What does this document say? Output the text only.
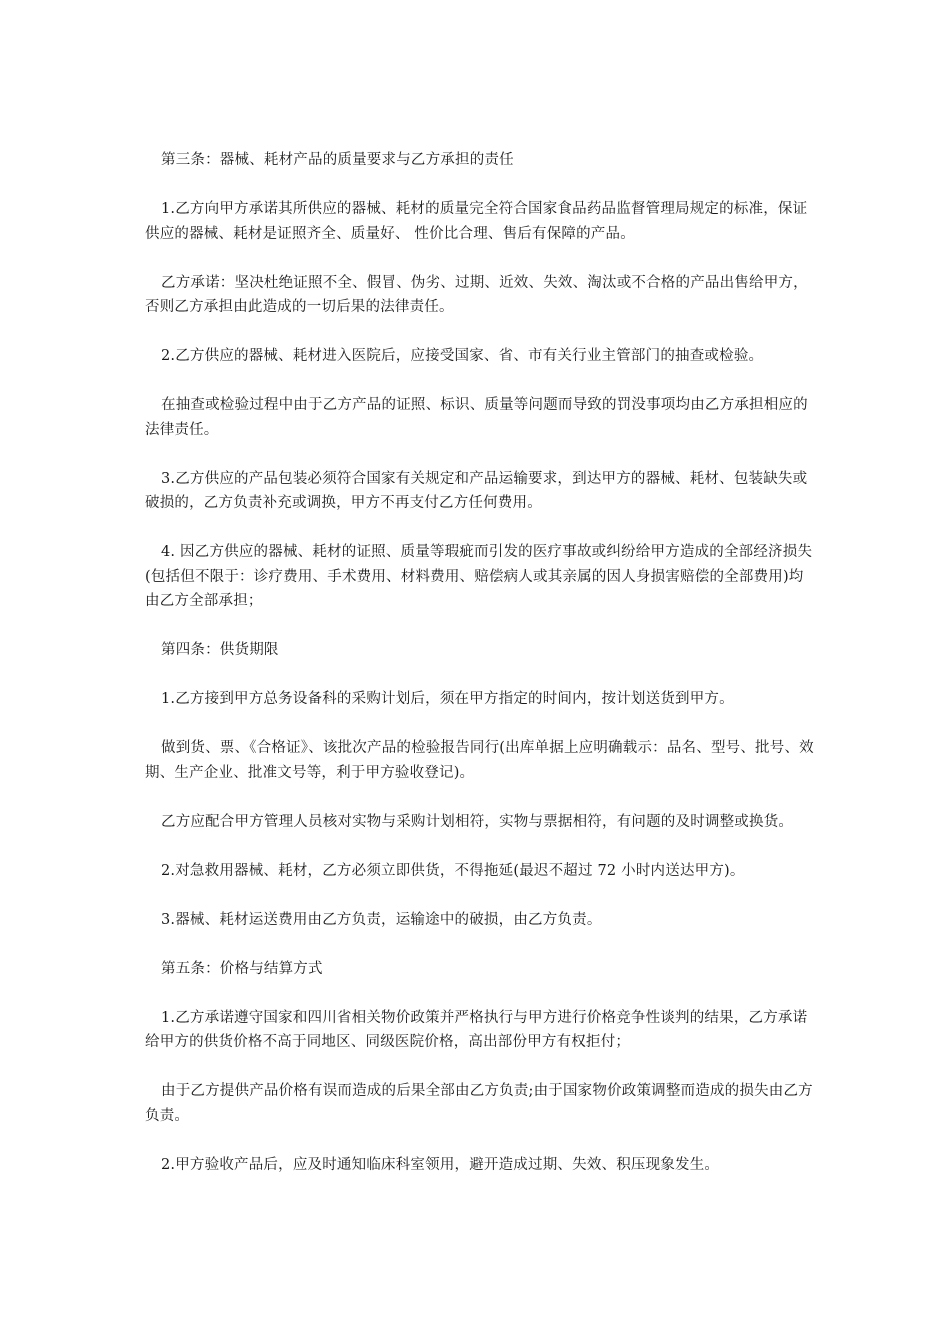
第三条：器械、耗材产品的质量要求与乙方承担的责任

1.乙方向甲方承诺其所供应的器械、耗材的质量完全符合国家食品药品监督管理局规定的标准，保证供应的器械、耗材是证照齐全、质量好、 性价比合理、售后有保障的产品。

乙方承诺：坚决杜绝证照不全、假冒、伪劣、过期、近效、失效、淘汰或不合格的产品出售给甲方，否则乙方承担由此造成的一切后果的法律责任。

2.乙方供应的器械、耗材进入医院后，应接受国家、省、市有关行业主管部门的抽查或检验。

在抽查或检验过程中由于乙方产品的证照、标识、质量等问题而导致的罚没事项均由乙方承担相应的法律责任。

3.乙方供应的产品包装必须符合国家有关规定和产品运输要求，到达甲方的器械、耗材、包装缺失或破损的，乙方负责补充或调换，甲方不再支付乙方任何费用。

4. 因乙方供应的器械、耗材的证照、质量等瑕疵而引发的医疗事故或纠纷给甲方造成的全部经济损失(包括但不限于：诊疗费用、手术费用、材料费用、赔偿病人或其亲属的因人身损害赔偿的全部费用)均由乙方全部承担；

第四条：供货期限

1.乙方接到甲方总务设备科的采购计划后，须在甲方指定的时间内，按计划送货到甲方。

做到货、票、《合格证》、该批次产品的检验报告同行(出库单据上应明确载示：品名、型号、批号、效期、生产企业、批准文号等，利于甲方验收登记)。

乙方应配合甲方管理人员核对实物与采购计划相符，实物与票据相符，有问题的及时调整或换货。

2.对急救用器械、耗材，乙方必须立即供货，不得拖延(最迟不超过 72 小时内送达甲方)。

3.器械、耗材运送费用由乙方负责，运输途中的破损，由乙方负责。

第五条：价格与结算方式

1.乙方承诺遵守国家和四川省相关物价政策并严格执行与甲方进行价格竞争性谈判的结果，乙方承诺给甲方的供货价格不高于同地区、同级医院价格，高出部份甲方有权拒付；

由于乙方提供产品价格有误而造成的后果全部由乙方负责;由于国家物价政策调整而造成的损失由乙方负责。

2.甲方验收产品后，应及时通知临床科室领用，避开造成过期、失效、积压现象发生。
